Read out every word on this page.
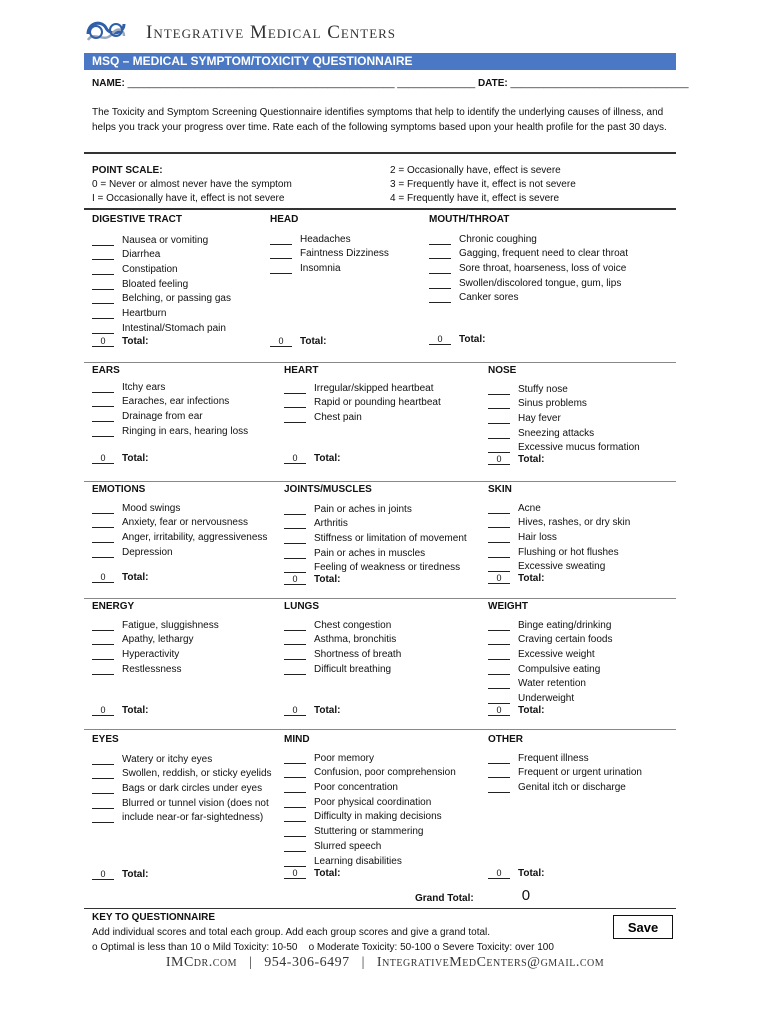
Integrative Medical Centers
MSQ – MEDICAL SYMPTOM/TOXICITY QUESTIONNAIRE
NAME: ________________________________________________ ______________ DATE: ________________________________
The Toxicity and Symptom Screening Questionnaire identifies symptoms that help to identify the underlying causes of illness, and helps you track your progress over time. Rate each of the following symptoms based upon your health profile for the past 30 days.
POINT SCALE:
0 = Never or almost never have the symptom
I = Occasionally have it, effect is not severe
2 = Occasionally have, effect is severe
3 = Frequently have it, effect is not severe
4 = Frequently have it, effect is severe
DIGESTIVE TRACT
Nausea or vomiting
Diarrhea
Constipation
Bloated feeling
Belching, or passing gas
Heartburn
Intestinal/Stomach pain
0	Total:
HEAD
Headaches
Faintness Dizziness
Insomnia
0	Total:
MOUTH/THROAT
Chronic coughing
Gagging, frequent need to clear throat
Sore throat, hoarseness, loss of voice
Swollen/discolored tongue, gum, lips
Canker sores
0	Total:
EARS
Itchy ears
Earaches, ear infections
Drainage from ear
Ringing in ears, hearing loss
0	Total:
HEART
Irregular/skipped heartbeat
Rapid or pounding heartbeat
Chest pain
0	Total:
NOSE
Stuffy nose
Sinus problems
Hay fever
Sneezing attacks
Excessive mucus formation
0	Total:
EMOTIONS
Mood swings
Anxiety, fear or nervousness
Anger, irritability, aggressiveness
Depression
0	Total:
JOINTS/MUSCLES
Pain or aches in joints
Arthritis
Stiffness or limitation of movement
Pain or aches in muscles
Feeling of weakness or tiredness
0	Total:
SKIN
Acne
Hives, rashes, or dry skin
Hair loss
Flushing or hot flushes
Excessive sweating
0	Total:
ENERGY
Fatigue, sluggishness
Apathy, lethargy
Hyperactivity
Restlessness
0	Total:
LUNGS
Chest congestion
Asthma, bronchitis
Shortness of breath
Difficult breathing
0	Total:
WEIGHT
Binge eating/drinking
Craving certain foods
Excessive weight
Compulsive eating
Water retention
Underweight
0	Total:
EYES
Watery or itchy eyes
Swollen, reddish, or sticky eyelids
Bags or dark circles under eyes
Blurred or tunnel vision (does not
include near-or far-sightedness)
0	Total:
MIND
Poor memory
Confusion, poor comprehension
Poor concentration
Poor physical coordination
Difficulty in making decisions
Stuttering or stammering
Slurred speech
Learning disabilities
0	Total:
OTHER
Frequent illness
Frequent or urgent urination
Genital itch or discharge
0	Total:
Grand Total:	0
KEY TO QUESTIONNAIRE
Add individual scores and total each group. Add each group scores and give a grand total.
o Optimal is less than 10 o Mild Toxicity: 10-50    o Moderate Toxicity: 50-100 o Severe Toxicity: over 100
Save
IMCdr.com   |   954-306-6497   |   IntegrativeMedCenters@gmail.com
